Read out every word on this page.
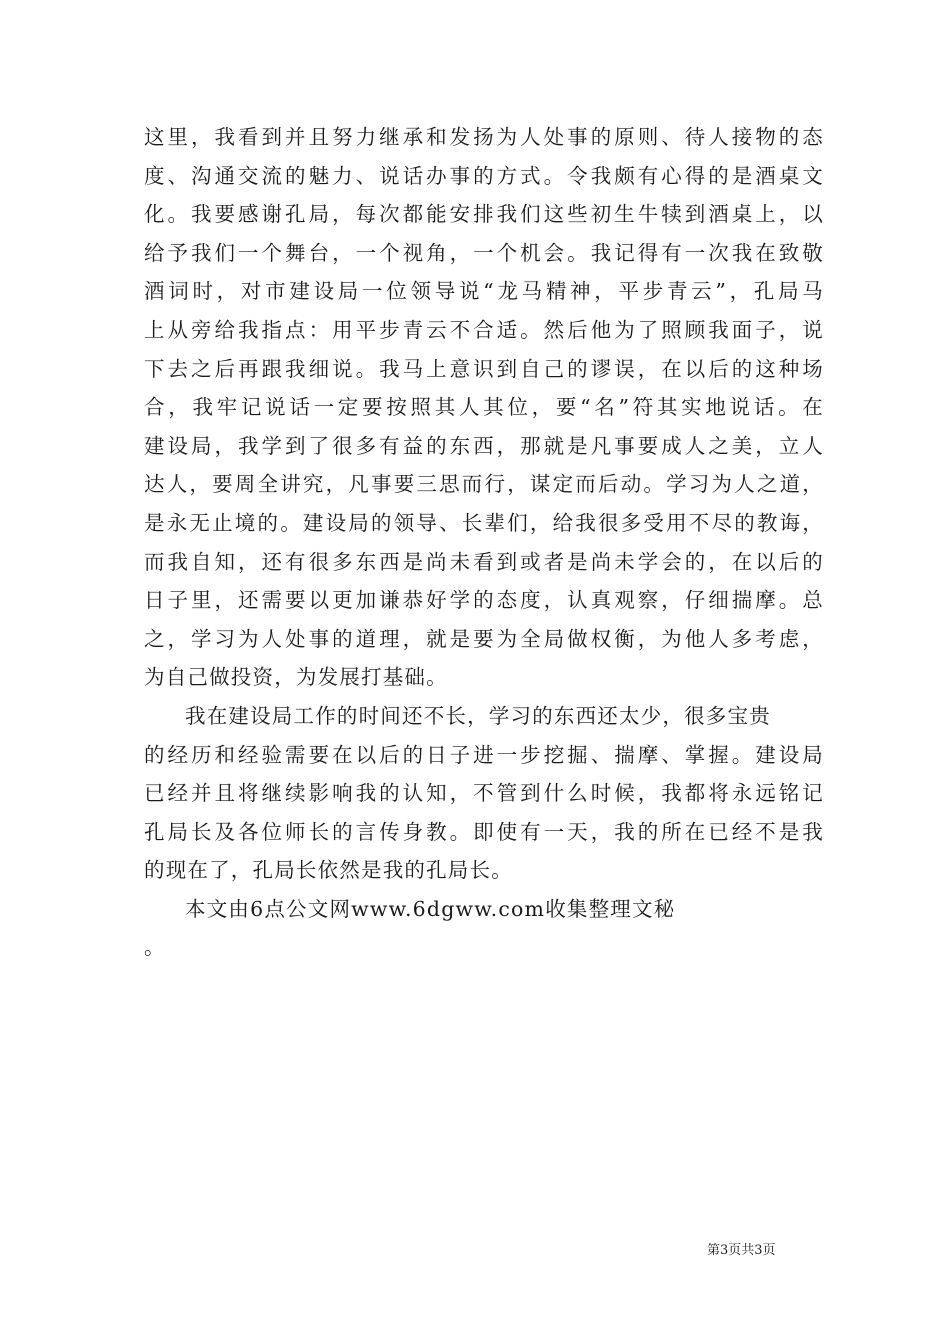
这里，我看到并且努力继承和发扬为人处事的原则、待人接物的态
度、沟通交流的魅力、说话办事的方式。令我颇有心得的是酒桌文
化。我要感谢孔局，每次都能安排我们这些初生牛犊到酒桌上，以
给予我们一个舞台，一个视角，一个机会。我记得有一次我在致敬
酒词时，对市建设局一位领导说“龙马精神，平步青云”，孔局马
上从旁给我指点：用平步青云不合适。然后他为了照顾我面子，说
下去之后再跟我细说。我马上意识到自己的谬误，在以后的这种场
合，我牢记说话一定要按照其人其位，要“名”符其实地说话。在
建设局，我学到了很多有益的东西，那就是凡事要成人之美，立人
达人，要周全讲究，凡事要三思而行，谋定而后动。学习为人之道，
是永无止境的。建设局的领导、长辈们，给我很多受用不尽的教诲，
而我自知，还有很多东西是尚未看到或者是尚未学会的，在以后的
日子里，还需要以更加谦恭好学的态度，认真观察，仔细揣摩。总
之，学习为人处事的道理，就是要为全局做权衡，为他人多考虑，
为自己做投资，为发展打基础。
我在建设局工作的时间还不长，学习的东西还太少，很多宝贵
的经历和经验需要在以后的日子进一步挖掘、揣摩、掌握。建设局
已经并且将继续影响我的认知，不管到什么时候，我都将永远铭记
孔局长及各位师长的言传身教。即使有一天，我的所在已经不是我
的现在了，孔局长依然是我的孔局长。
本文由6点公文网www.6dgww.com收集整理文秘
。
第3页共3页
